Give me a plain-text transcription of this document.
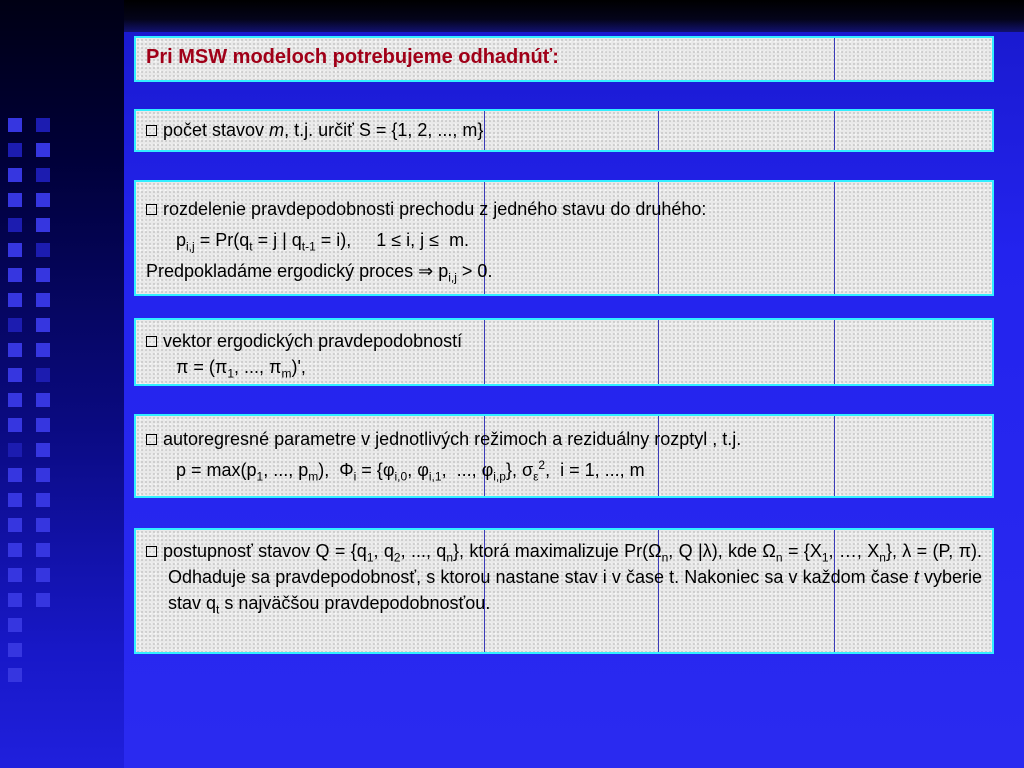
Pri MSW modeloch potrebujeme odhadnúť:
počet stavov m, t.j. určiť S = {1, 2, ..., m}
rozdelenie pravdepodobnosti prechodu z jedného stavu do druhého:
$p_{i,j} = Pr(q_t = j$ | $q_{t-1} = i$),     1 ≤ i, j ≤  m.
Predpokladáme ergodický proces ⇒ $p_{i,j} > 0$.
vektor ergodických pravdepodobností
$\pi = (\pi_1$, ..., $\pi_m)'$,
autoregresné parametre v jednotlivých režimoch a reziduálny rozptyl , t.j.
$p = \max(p_1$, ..., $p_m$),  $\Phi_i = \{\varphi_{i,0}$, $\varphi_{i,1}$,  ..., $\varphi_{i,p}$}, $\sigma_\varepsilon^2$,  i = 1, ..., m
postupnosť stavov $Q = \{q_1$, $q_2$, ..., $q_n$}, ktorá maximalizuje $Pr(\Omega_n$, Q |λ), kde $\Omega_n = \{X_1$, …, $X_n$}, λ = (P, π). Odhaduje sa pravdepodobnosť, s ktorou nastane stav i v čase t. Nakoniec sa v každom čase t vyberie stav $q_t$ s najväčšou pravdepodobnosťou.
